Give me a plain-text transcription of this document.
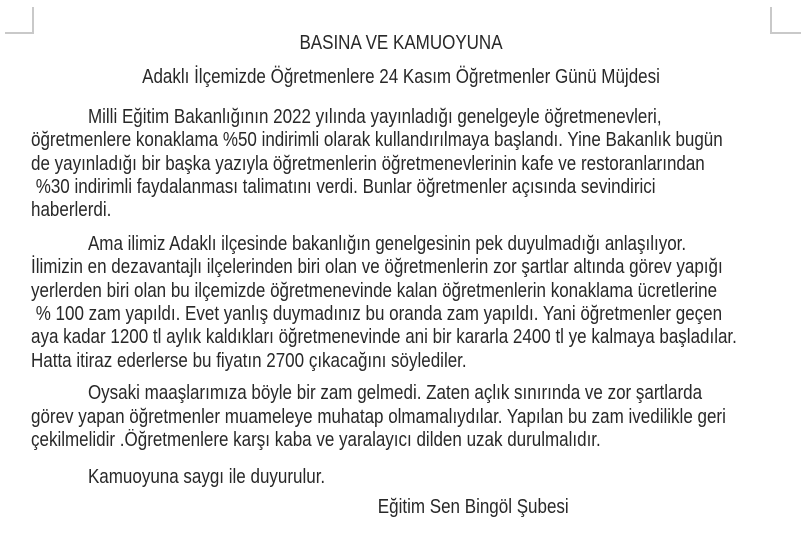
BASINA VE KAMUOYUNA
Adaklı İlçemizde Öğretmenlere 24 Kasım Öğretmenler Günü Müjdesi
Milli Eğitim Bakanlığının 2022 yılında yayınladığı genelgeyle öğretmenevleri,
öğretmenlere konaklama %50 indirimli olarak kullandırılmaya başlandı. Yine Bakanlık bugün
de yayınladığı bir başka yazıyla öğretmenlerin öğretmenevlerinin kafe ve restoranlarından
%30 indirimli faydalanması talimatını verdi. Bunlar öğretmenler açısında sevindirici
haberlerdi.
Ama ilimiz Adaklı ilçesinde bakanlığın genelgesinin pek duyulmadığı anlaşılıyor.
İlimizin en dezavantajlı ilçelerinden biri olan ve öğretmenlerin zor şartlar altında görev yapığı
yerlerden biri olan bu ilçemizde öğretmenevinde kalan öğretmenlerin konaklama ücretlerine
% 100 zam yapıldı. Evet yanlış duymadınız bu oranda zam yapıldı. Yani öğretmenler geçen
aya kadar 1200 tl aylık kaldıkları öğretmenevinde ani bir kararla 2400 tl ye kalmaya başladılar.
Hatta itiraz ederlerse bu fiyatın 2700 çıkacağını söylediler.
Oysaki maaşlarımıza böyle bir zam gelmedi. Zaten açlık sınırında ve zor şartlarda
görev yapan öğretmenler muameleye muhatap olmamalıydılar. Yapılan bu zam ivedilikle geri
çekilmelidir .Öğretmenlere karşı kaba ve yaralayıcı dilden uzak durulmalıdır.
Kamuoyuna saygı ile duyurulur.
Eğitim Sen Bingöl Şubesi
